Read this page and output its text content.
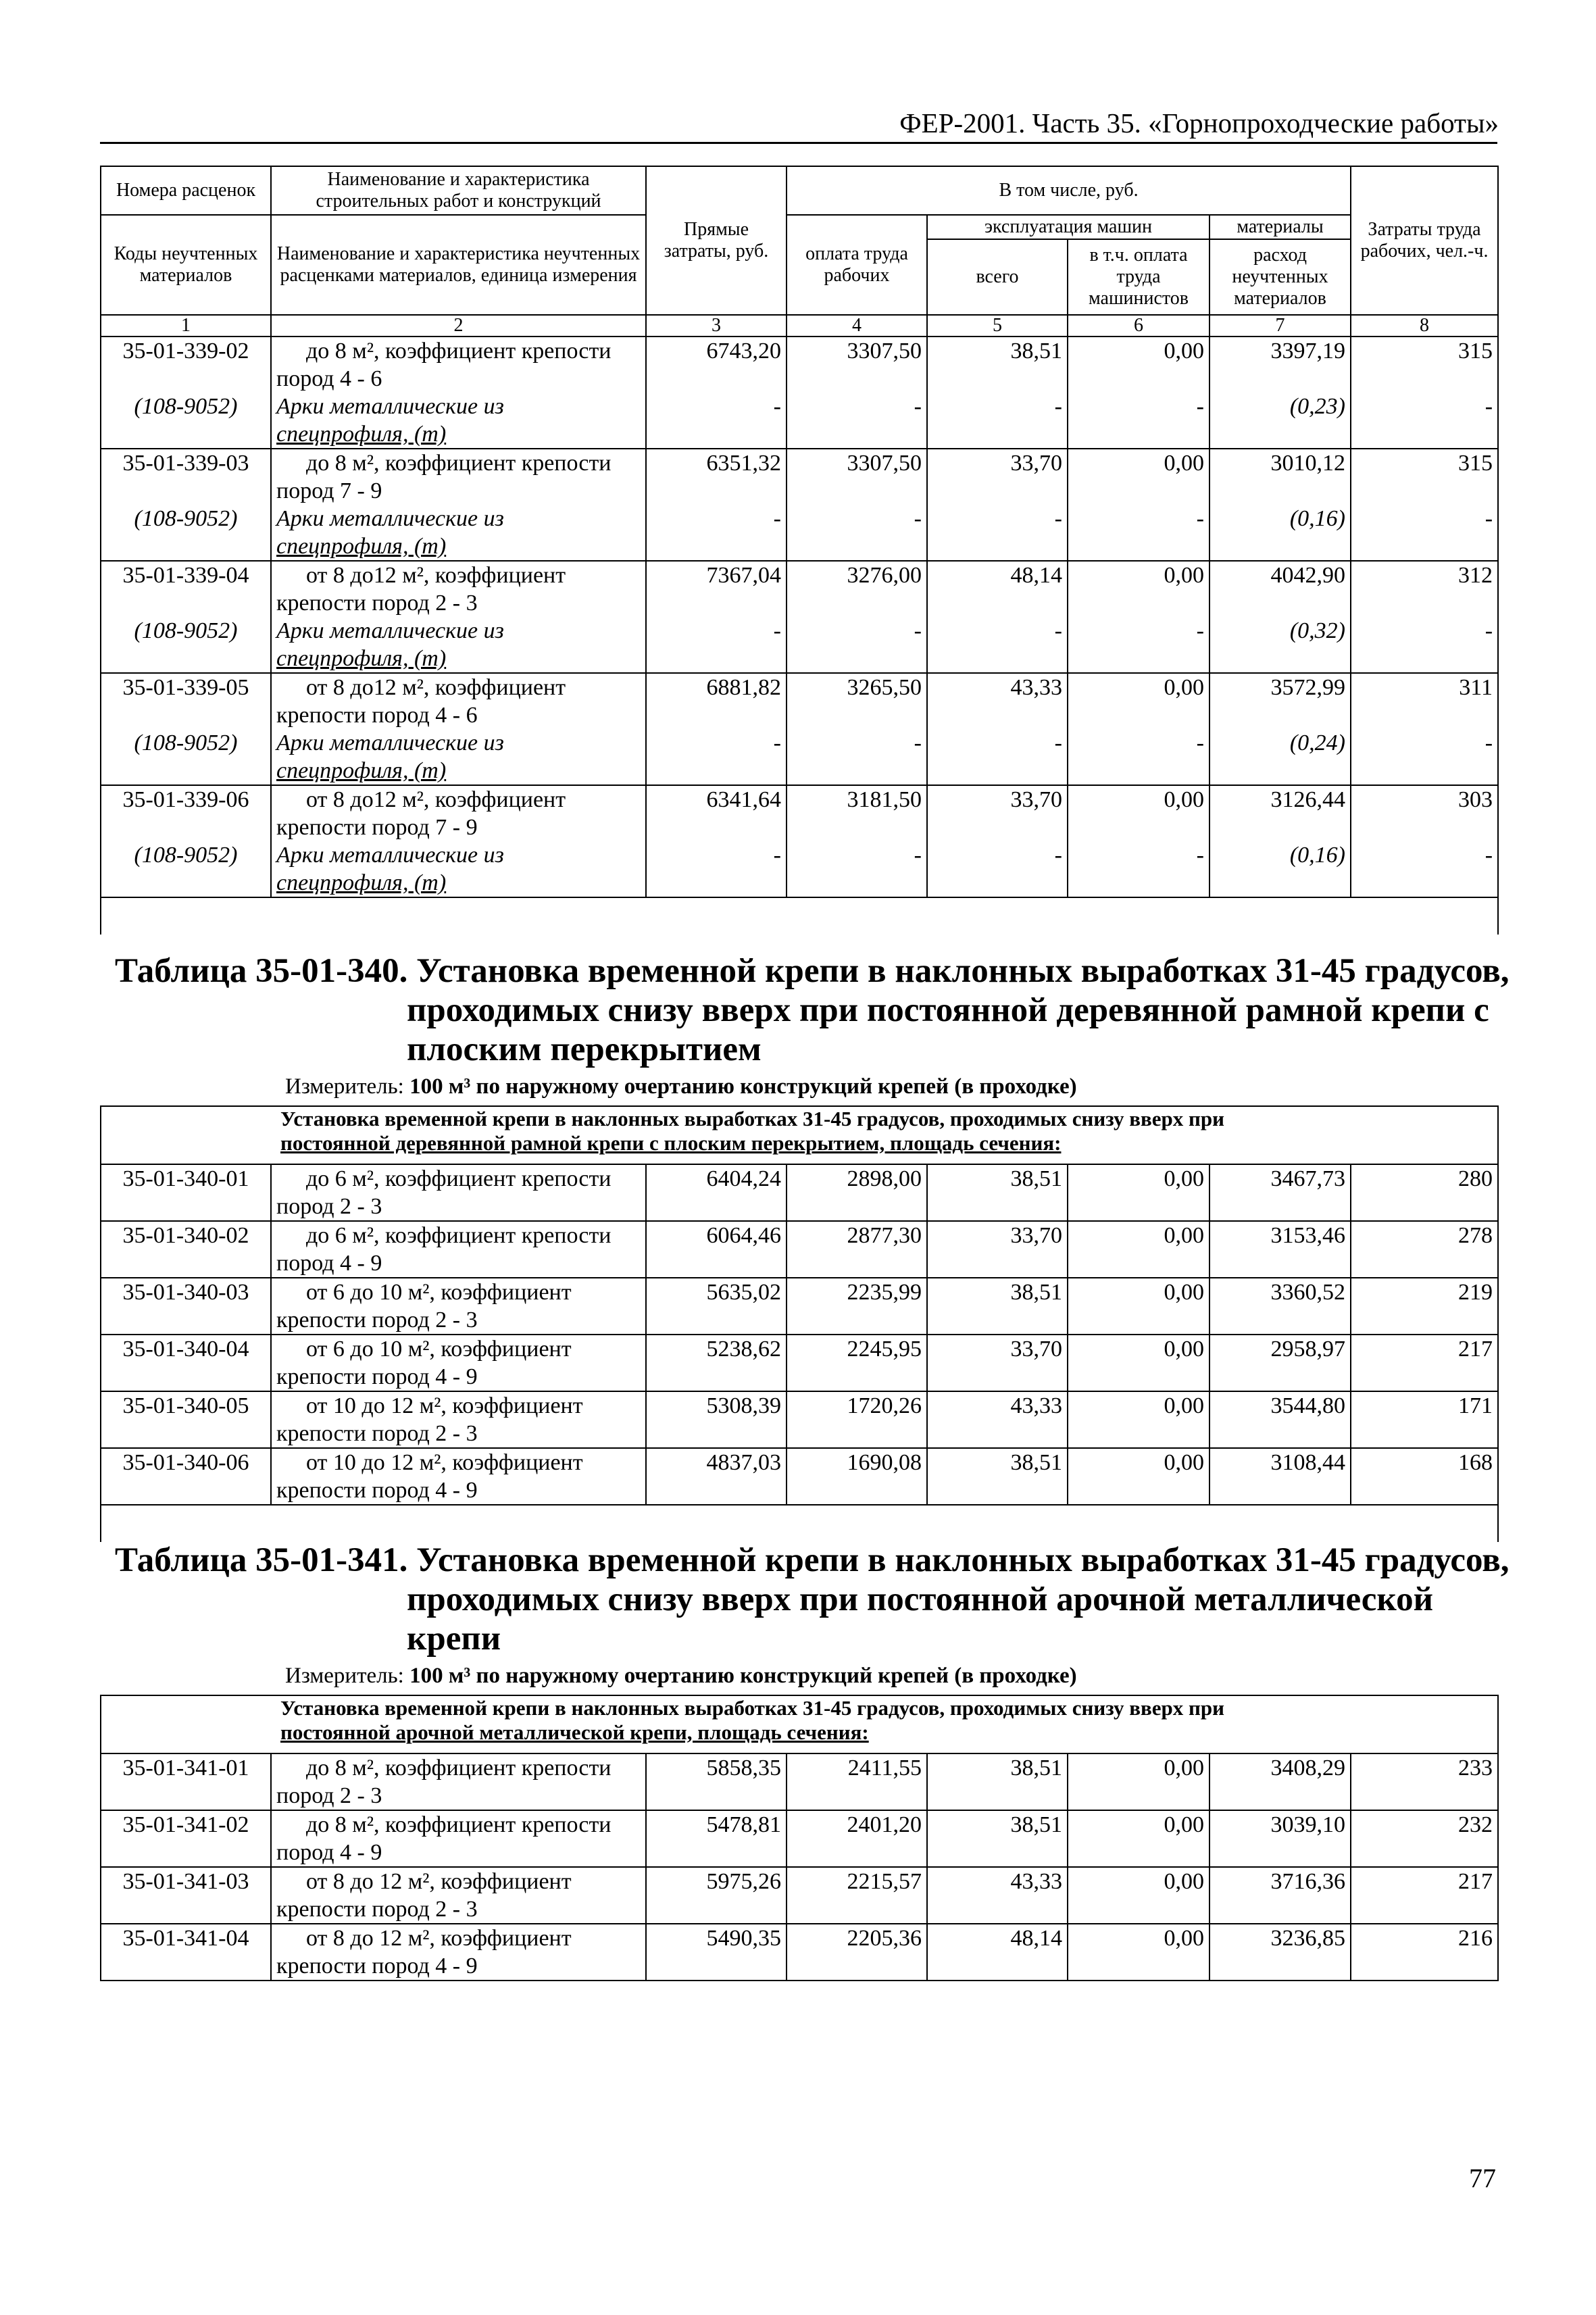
ФЕР-2001. Часть 35. «Горнопроходческие работы»
Номера расценок	Наименование и характеристика строительных работ и конструкций	Прямые затраты, руб.	В том числе, руб.				Затраты труда рабочих, чел.-ч.
Коды неучтенных материалов	Наименование и характеристика неучтенных расценками материалов, единица измерения		оплата труда рабочих	эксплуатация машин		материалы	
				всего	в т.ч. оплата труда машинистов	расход неучтенных материалов	
1	2	3	4	5	6	7	8
35-01-339-02	до 8 м², коэффициент крепости
пород 4 - 6	6743,20	3307,50	38,51	0,00	3397,19	315
(108-9052)	Арки металлические из
спецпрофиля, (т)	-	-	-	-	(0,23)	-
35-01-339-03	до 8 м², коэффициент крепости
пород 7 - 9	6351,32	3307,50	33,70	0,00	3010,12	315
(108-9052)	Арки металлические из
спецпрофиля, (т)	-	-	-	-	(0,16)	-
35-01-339-04	от 8 до12 м², коэффициент
крепости пород 2 - 3	7367,04	3276,00	48,14	0,00	4042,90	312
(108-9052)	Арки металлические из
спецпрофиля, (т)	-	-	-	-	(0,32)	-
35-01-339-05	от 8 до12 м², коэффициент
крепости пород 4 - 6	6881,82	3265,50	43,33	0,00	3572,99	311
(108-9052)	Арки металлические из
спецпрофиля, (т)	-	-	-	-	(0,24)	-
35-01-339-06	от 8 до12 м², коэффициент
крепости пород 7 - 9	6341,64	3181,50	33,70	0,00	3126,44	303
(108-9052)	Арки металлические из
спецпрофиля, (т)	-	-	-	-	(0,16)	-

Таблица 35-01-340. Установка временной крепи в наклонных выработках 31-45 градусов,
проходимых снизу вверх при постоянной деревянной рамной крепи с
плоским перекрытием
Измеритель: 100 м³ по наружному очертанию конструкций крепей (в проходке)
Установка временной крепи в наклонных выработках 31-45 градусов, проходимых снизу вверх при
постоянной деревянной рамной крепи с плоским перекрытием, площадь сечения:							
35-01-340-01	до 6 м², коэффициент крепости
пород 2 - 3	6404,24	2898,00	38,51	0,00	3467,73	280
35-01-340-02	до 6 м², коэффициент крепости
пород 4 - 9	6064,46	2877,30	33,70	0,00	3153,46	278
35-01-340-03	от 6 до 10 м², коэффициент
крепости пород 2 - 3	5635,02	2235,99	38,51	0,00	3360,52	219
35-01-340-04	от 6 до 10 м², коэффициент
крепости пород 4 - 9	5238,62	2245,95	33,70	0,00	2958,97	217
35-01-340-05	от 10 до 12 м², коэффициент
крепости пород 2 - 3	5308,39	1720,26	43,33	0,00	3544,80	171
35-01-340-06	от 10 до 12 м², коэффициент
крепости пород 4 - 9	4837,03	1690,08	38,51	0,00	3108,44	168

Таблица 35-01-341. Установка временной крепи в наклонных выработках 31-45 градусов,
проходимых снизу вверх при постоянной арочной металлической
крепи
Измеритель: 100 м³ по наружному очертанию конструкций крепей (в проходке)
Установка временной крепи в наклонных выработках 31-45 градусов, проходимых снизу вверх при
постоянной арочной металлической крепи, площадь сечения:							
35-01-341-01	до 8 м², коэффициент крепости
пород 2 - 3	5858,35	2411,55	38,51	0,00	3408,29	233
35-01-341-02	до 8 м², коэффициент крепости
пород 4 - 9	5478,81	2401,20	38,51	0,00	3039,10	232
35-01-341-03	от 8 до 12 м², коэффициент
крепости пород 2 - 3	5975,26	2215,57	43,33	0,00	3716,36	217
35-01-341-04	от 8 до 12 м², коэффициент
крепости пород 4 - 9	5490,35	2205,36	48,14	0,00	3236,85	216
77
